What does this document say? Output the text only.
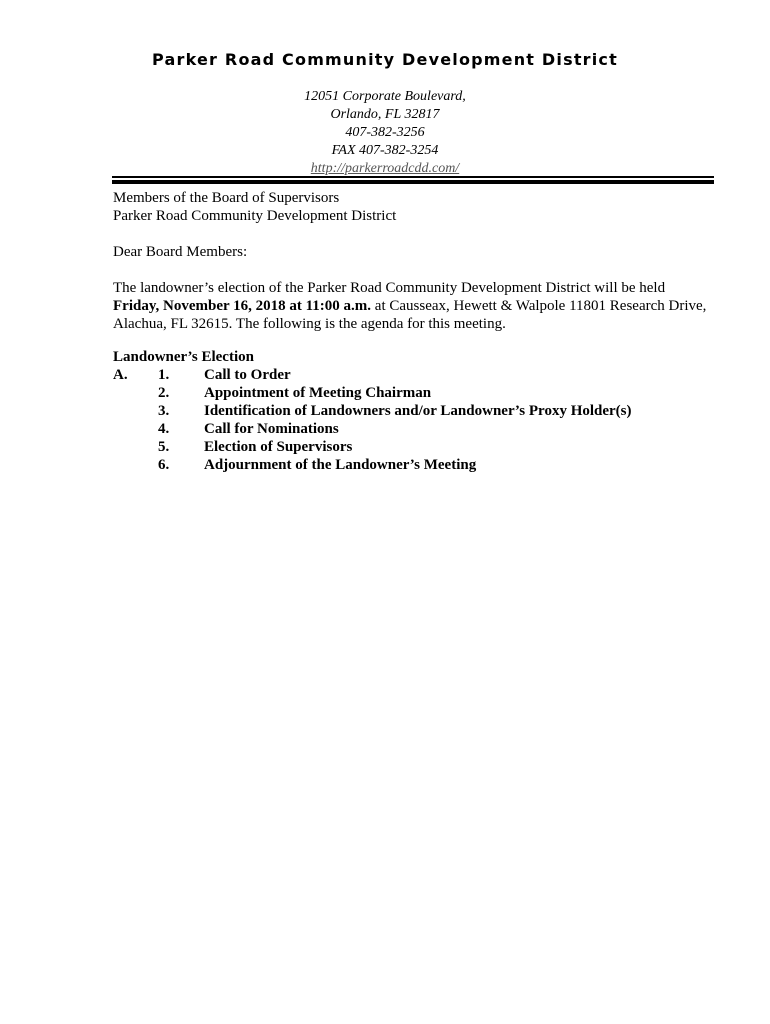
Parker Road Community Development District
12051 Corporate Boulevard,
Orlando, FL 32817
407-382-3256
FAX 407-382-3254
http://parkerroadcdd.com/
Members of the Board of Supervisors
Parker Road Community Development District
Dear Board Members:
The landowner’s election of the Parker Road Community Development District will be held Friday, November 16, 2018 at 11:00 a.m. at Causseax, Hewett & Walpole 11801 Research Drive, Alachua, FL 32615. The following is the agenda for this meeting.
Landowner’s Election
A. 1. Call to Order
2. Appointment of Meeting Chairman
3. Identification of Landowners and/or Landowner’s Proxy Holder(s)
4. Call for Nominations
5. Election of Supervisors
6. Adjournment of the Landowner’s Meeting
